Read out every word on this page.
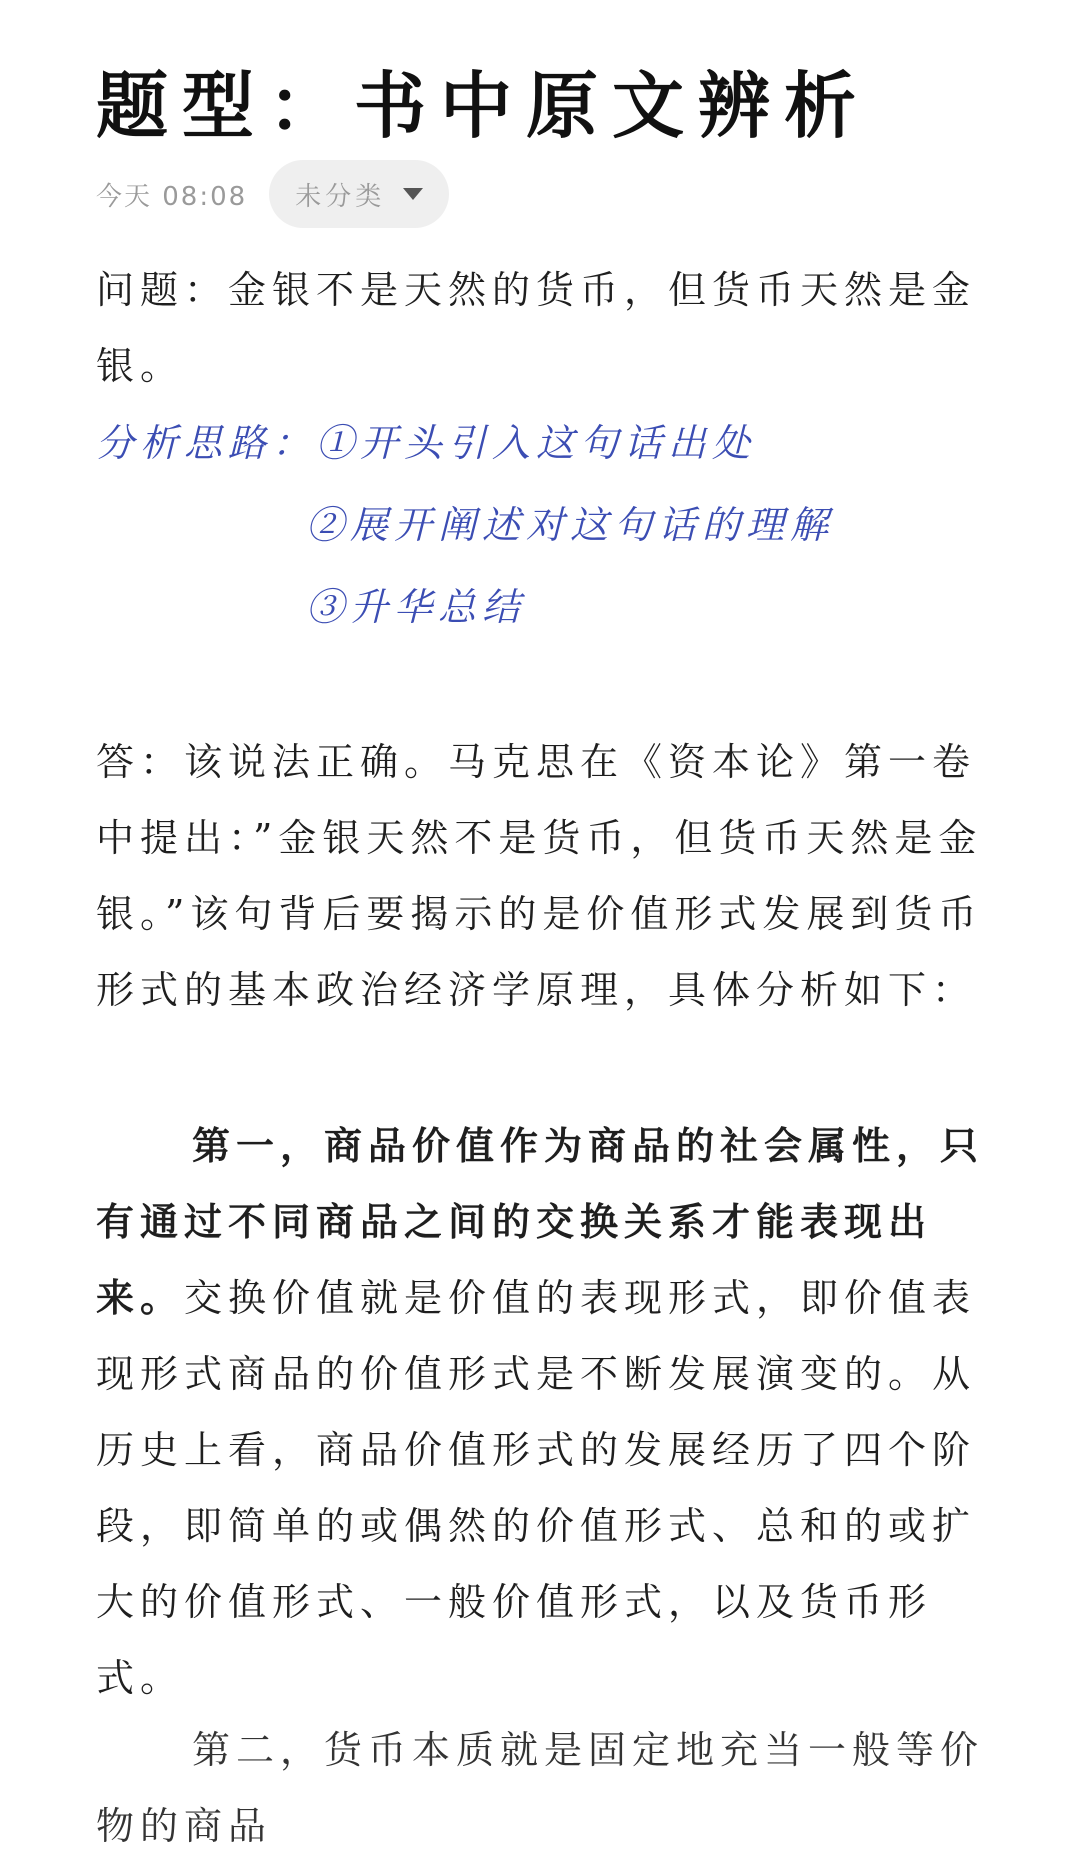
题型：书中原文辨析
今天 08:08 未分类
问题：金银不是天然的货币，但货币天然是金银。
分析思路：①开头引入这句话出处
②展开阐述对这句话的理解
③升华总结
答：该说法正确。马克思在《资本论》第一卷中提出：”金银天然不是货币，但货币天然是金银。”该句背后要揭示的是价值形式发展到货币形式的基本政治经济学原理，具体分析如下：
第一，商品价值作为商品的社会属性，只有通过不同商品之间的交换关系才能表现出来。交换价值就是价值的表现形式，即价值表现形式商品的价值形式是不断发展演变的。从历史上看，商品价值形式的发展经历了四个阶段，即简单的或偶然的价值形式、总和的或扩大的价值形式、一般价值形式，以及货币形式。
第二，货币本质就是固定地充当一般等价物的商品
